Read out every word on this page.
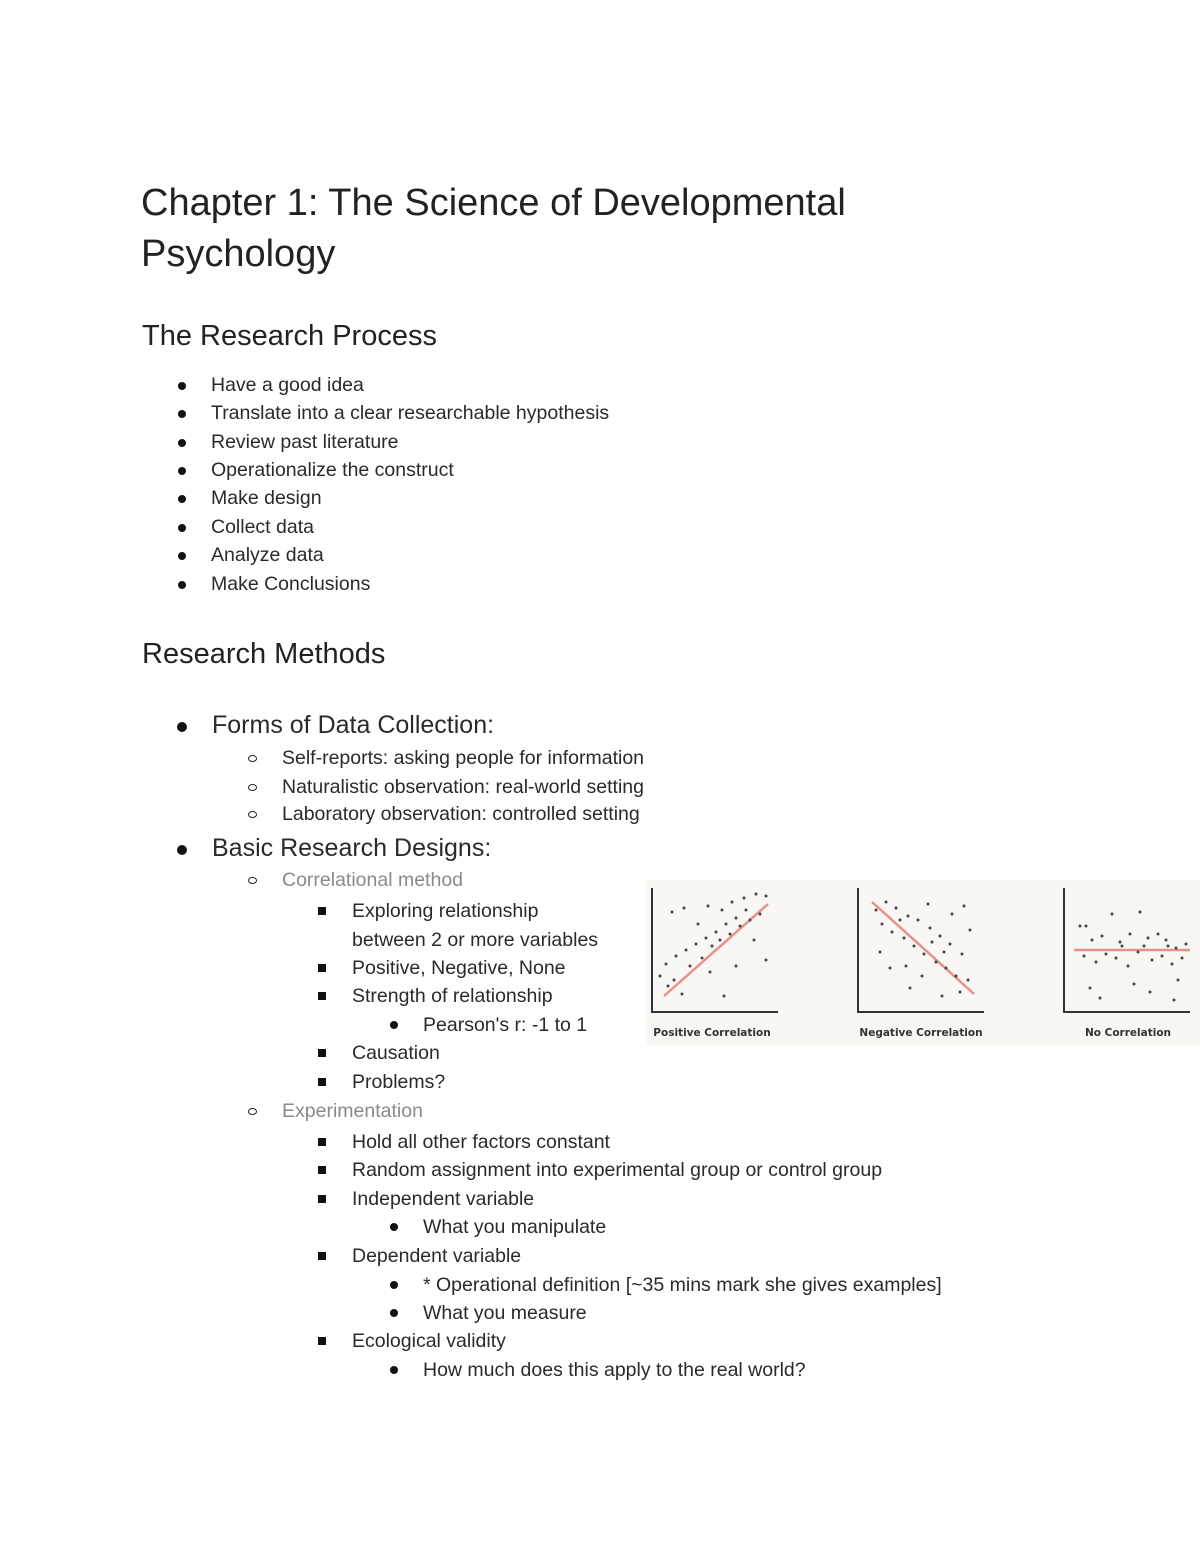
Chapter 1: The Science of Developmental
Psychology
The Research Process
Have a good idea
Translate into a clear researchable hypothesis
Review past literature
Operationalize the construct
Make design
Collect data
Analyze data
Make Conclusions
Research Methods
Forms of Data Collection:
Self-reports: asking people for information
Naturalistic observation: real-world setting
Laboratory observation: controlled setting
Basic Research Designs:
Correlational method
Exploring relationship
between 2 or more variables
Positive, Negative, None
Strength of relationship
Pearson's r: -1 to 1
Causation
Problems?
Experimentation
Hold all other factors constant
Random assignment into experimental group or control group
Independent variable
What you manipulate
Dependent variable
* Operational definition [~35 mins mark she gives examples]
What you measure
Ecological validity
How much does this apply to the real world?
Positive Correlation	Negative Correlation	No Correlation
